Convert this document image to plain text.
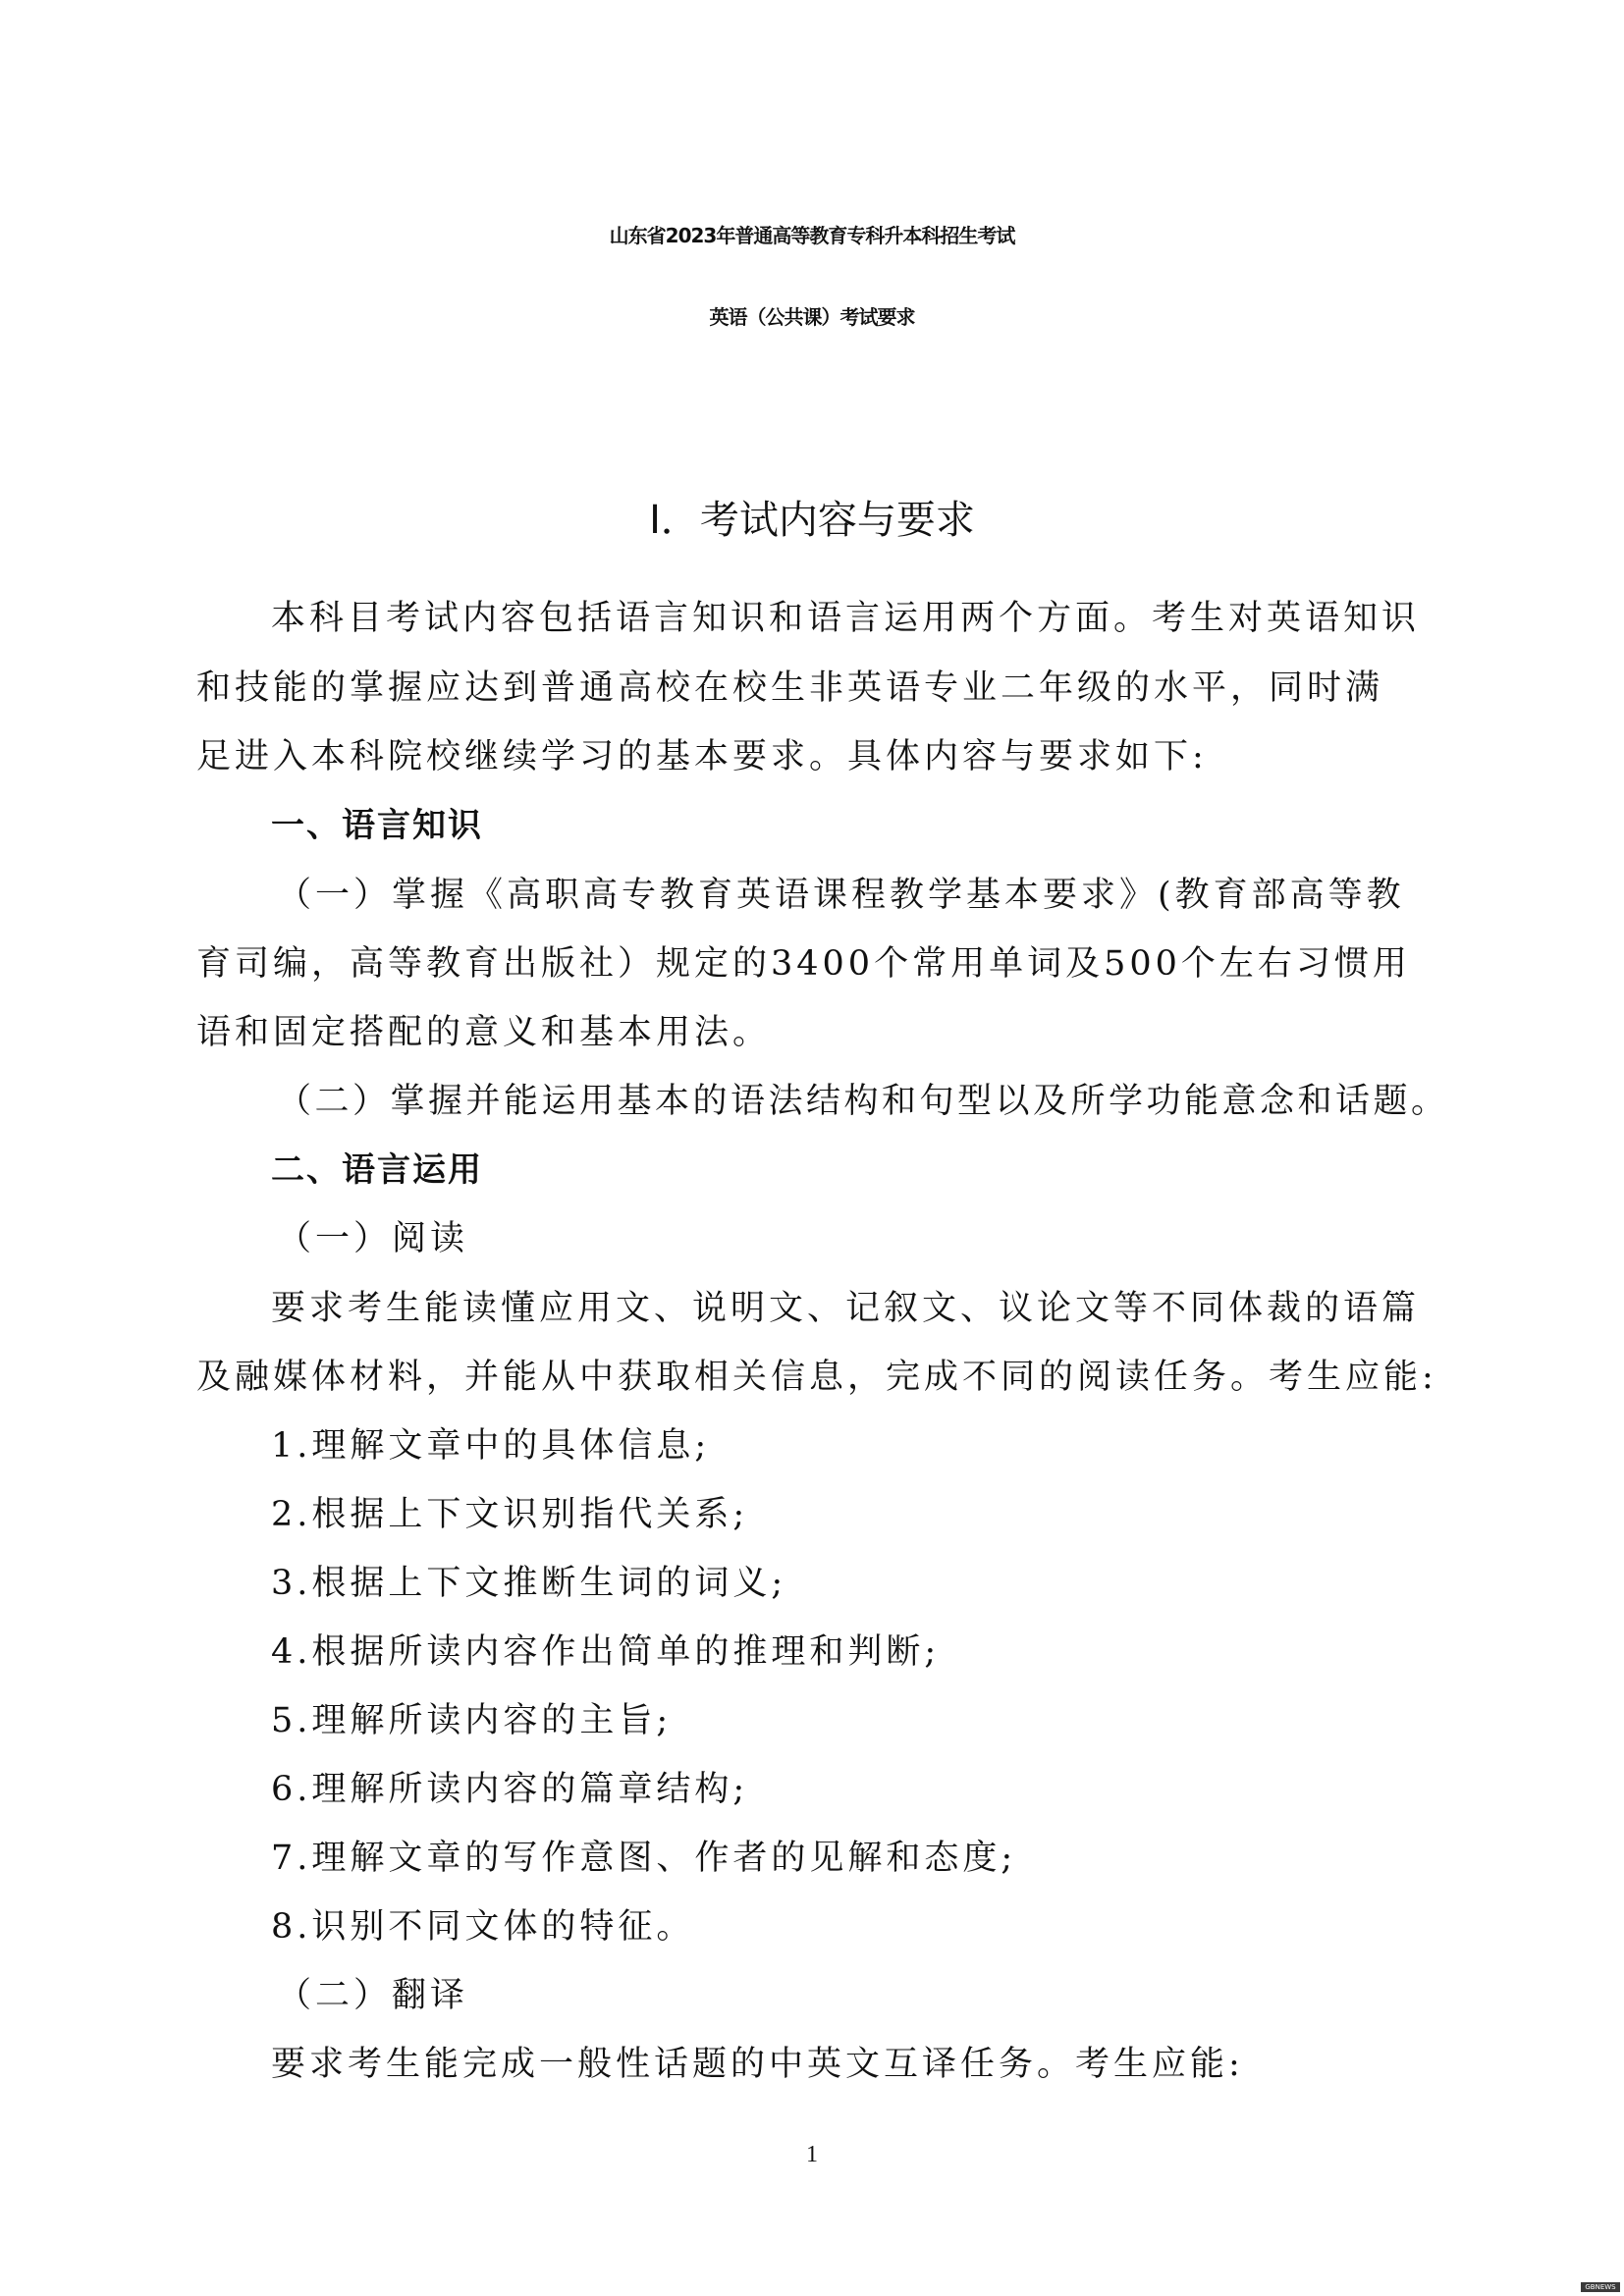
山东省2023年普通高等教育专科升本科招生考试
英语（公共课）考试要求
I．考试内容与要求
本科目考试内容包括语言知识和语言运用两个方面。考生对英语知识
和技能的掌握应达到普通高校在校生非英语专业二年级的水平，同时满
足进入本科院校继续学习的基本要求。具体内容与要求如下:
一、语言知识
（一）掌握《高职高专教育英语课程教学基本要求》(教育部高等教
育司编，高等教育出版社）规定的3400个常用单词及500个左右习惯用
语和固定搭配的意义和基本用法。
（二）掌握并能运用基本的语法结构和句型以及所学功能意念和话题。
二、语言运用
（一）阅读
要求考生能读懂应用文、说明文、记叙文、议论文等不同体裁的语篇
及融媒体材料，并能从中获取相关信息，完成不同的阅读任务。考生应能:
1.理解文章中的具体信息;
2.根据上下文识别指代关系;
3.根据上下文推断生词的词义;
4.根据所读内容作出简单的推理和判断;
5.理解所读内容的主旨;
6.理解所读内容的篇章结构;
7.理解文章的写作意图、作者的见解和态度;
8.识别不同文体的特征。
（二）翻译
要求考生能完成一般性话题的中英文互译任务。考生应能:
1
GBNEWS
